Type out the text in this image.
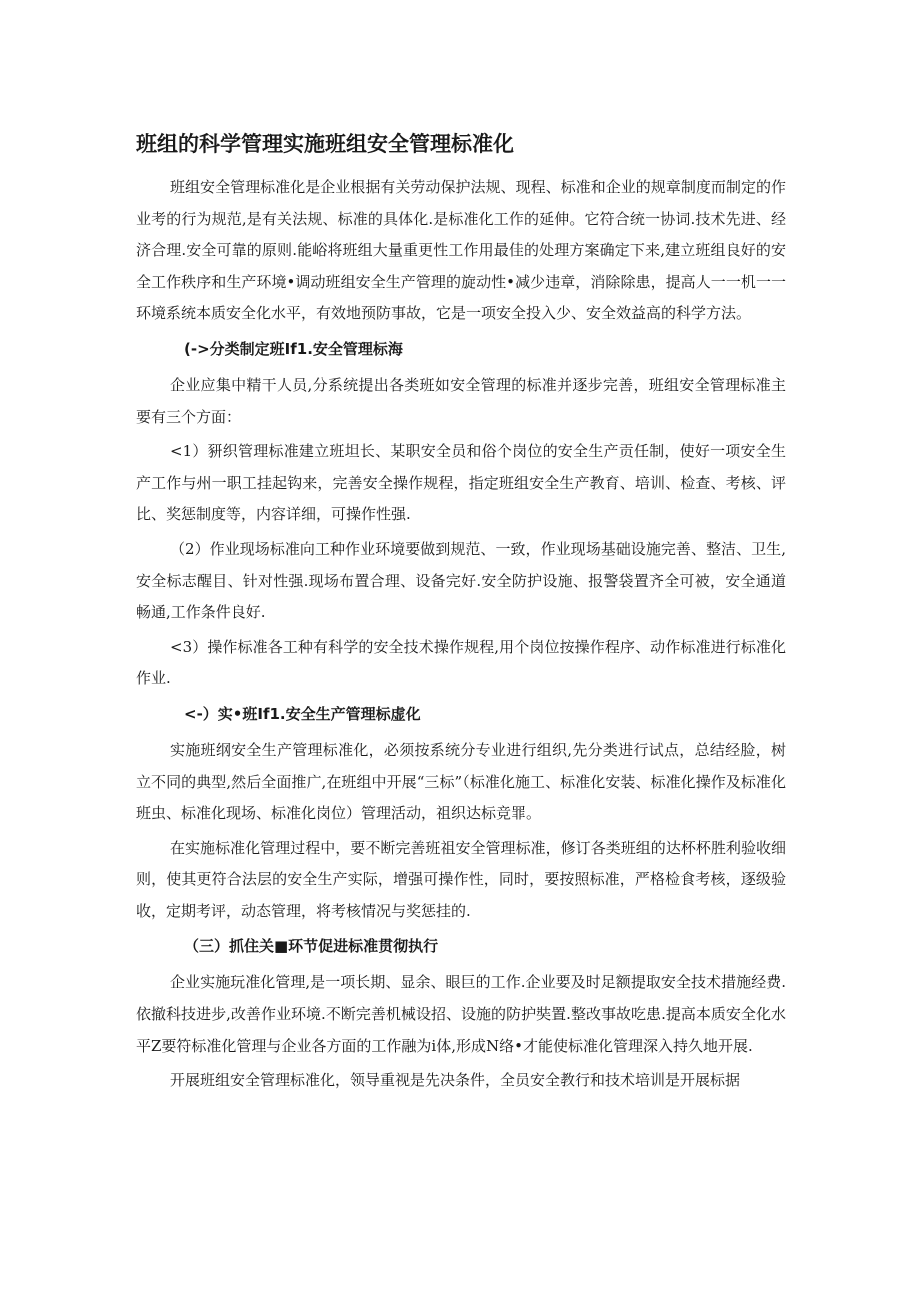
班组的科学管理实施班组安全管理标准化

班组安全管理标准化是企业根据有关劳动保护法规、现程、标准和企业的规章制度而制定的作业考的行为规范,是有关法规、标准的具体化.是标准化工作的延伸。它符合统一协词.技术先进、经济合理.安全可靠的原则.能峪将班组大量重更性工作用最佳的处理方案确定下来,建立班组良好的安全工作秩序和生产环境•调动班组安全生产管理的旋动性•减少违章，消除除患，提高人一一机一一环境系统本质安全化水平，有效地预防事故，它是一项安全投入少、安全效益高的科学方法。

(->分类制定班If1.安全管理标海

企业应集中精干人员,分系统提出各类班如安全管理的标准并逐步完善，班组安全管理标准主要有三个方面：

<1）豜织管理标准建立班坦长、某职安全员和俗个岗位的安全生产贡任制，使好一项安全生产工作与州一职工挂起钩来，完善安全操作规程，指定班组安全生产教育、培训、检查、考核、评比、奖惩制度等，内容详细，可操作性强.

（2）作业现场标准向工种作业环境要做到规范、一致，作业现场基础设施完善、整洁、卫生,安全标志醒目、针对性强.现场布置合理、设备完好.安全防护设施、报警袋置齐全可被，安全通道畅通,工作条件良好.

<3）操作标准各工种有科学的安全技术操作规程,用个岗位按操作程序、动作标准进行标准化作业.

<-）实•班If1.安全生产管理标虚化

实施班纲安全生产管理标准化，必须按系统分专业进行组织,先分类进行试点，总结经脸，树立不同的典型,然后全面推广,在班组中开展“三标”（标准化施工、标准化安装、标准化操作及标准化班虫、标准化现场、标准化岗位）管理活动，祖织达标竞罪。

在实施标准化管理过程中，要不断完善班祖安全管理标准，修订各类班组的达杯杯胜利验收细则，使其更符合法层的安全生产实际，增强可操作性，同时，要按照标准，严格检食考核，逐级验收，定期考评，动态管理，将考核情况与奖惩挂的.

（三）抓住关■环节促进标准贯彻执行

企业实施玩准化管理,是一项长期、显余、眼巨的工作.企业要及时足额提取安全技术措施经费.依撤科技进步,改善作业环境.不断完善机械设招、设施的防护奘置.整改事故吃患.提高本质安全化水平Z要符标准化管理与企业各方面的工作融为i体,形成N络•才能使标准化管理深入持久地开展.

开展班组安全管理标准化，领导重视是先决条件，全员安全教行和技术培训是开展标据
